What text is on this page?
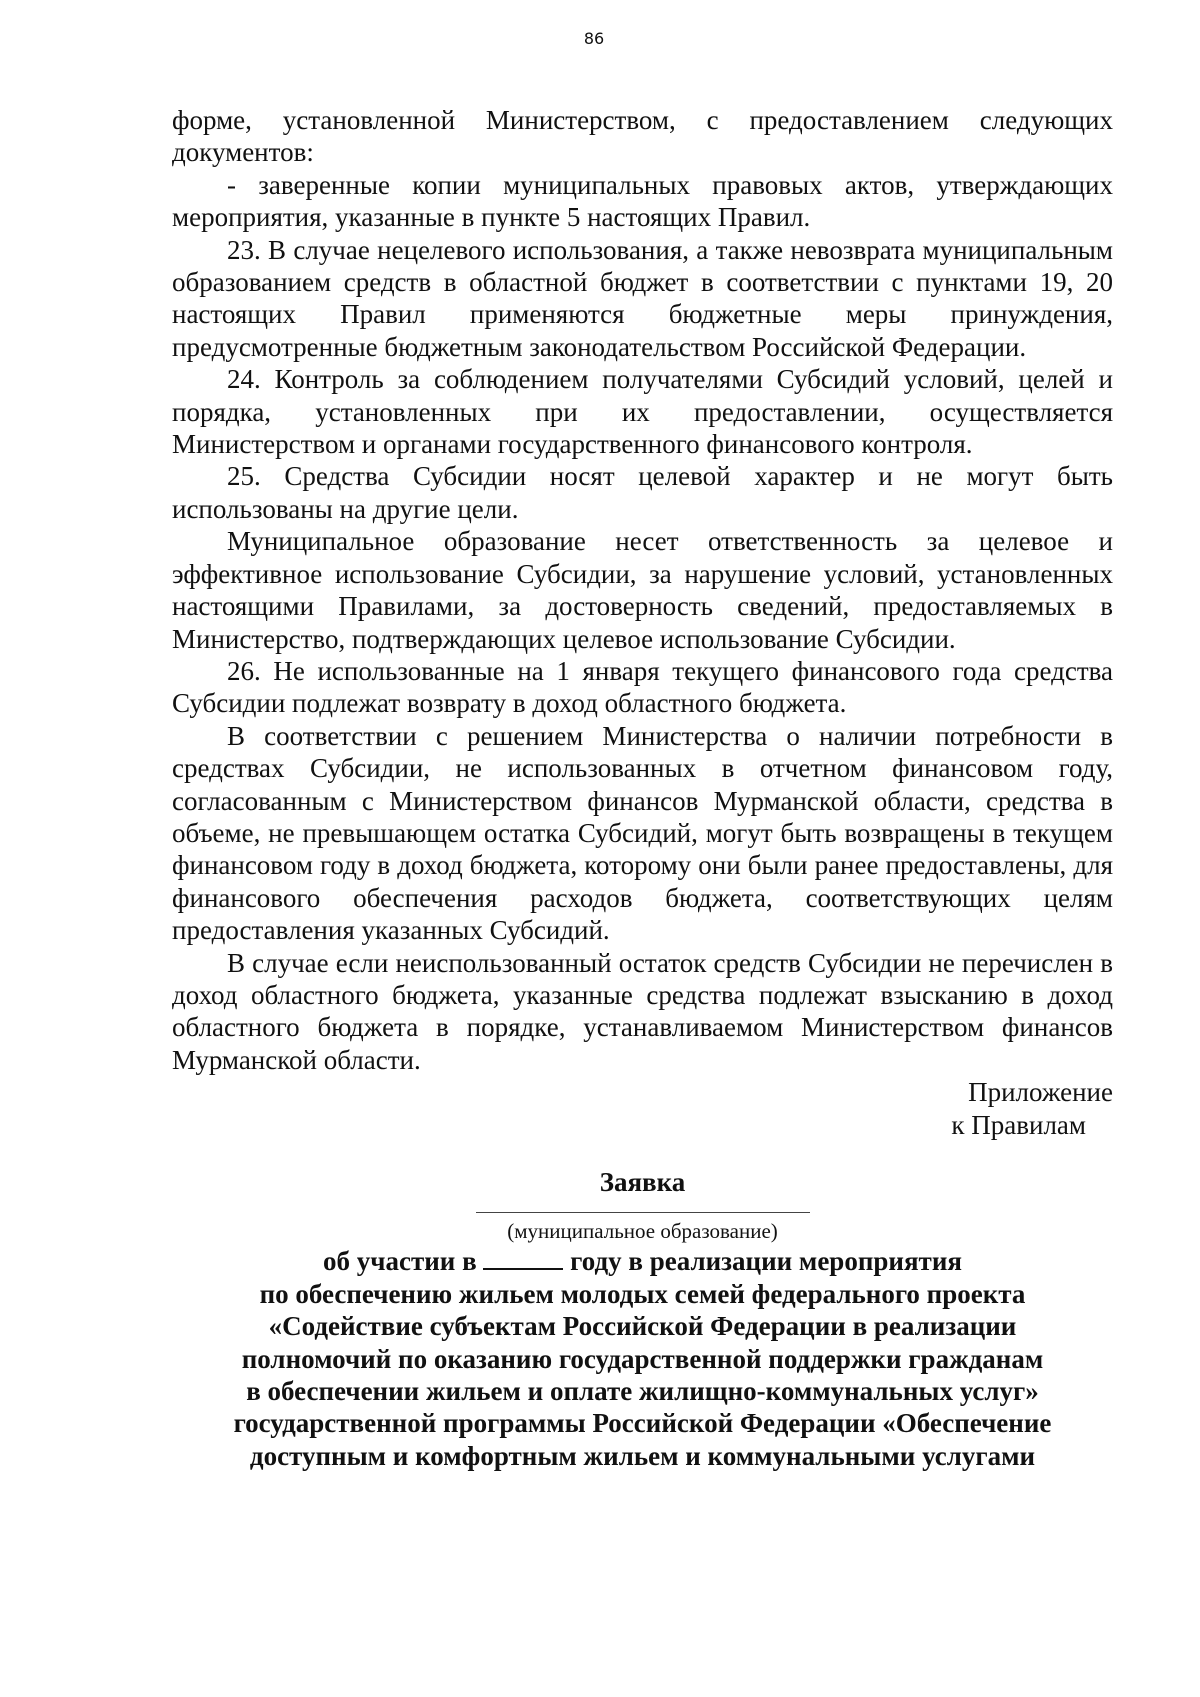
86

форме, установленной Министерством, с предоставлением следующих документов:

- заверенные копии муниципальных правовых актов, утверждающих мероприятия, указанные в пункте 5 настоящих Правил.

23. В случае нецелевого использования, а также невозврата муниципальным образованием средств в областной бюджет в соответствии с пунктами 19, 20 настоящих Правил применяются бюджетные меры принуждения, предусмотренные бюджетным законодательством Российской Федерации.

24. Контроль за соблюдением получателями Субсидий условий, целей и порядка, установленных при их предоставлении, осуществляется Министерством и органами государственного финансового контроля.

25. Средства Субсидии носят целевой характер и не могут быть использованы на другие цели.

Муниципальное образование несет ответственность за целевое и эффективное использование Субсидии, за нарушение условий, установленных настоящими Правилами, за достоверность сведений, предоставляемых в Министерство, подтверждающих целевое использование Субсидии.

26. Не использованные на 1 января текущего финансового года средства Субсидии подлежат возврату в доход областного бюджета.

В соответствии с решением Министерства о наличии потребности в средствах Субсидии, не использованных в отчетном финансовом году, согласованным с Министерством финансов Мурманской области, средства в объеме, не превышающем остатка Субсидий, могут быть возвращены в текущем финансовом году в доход бюджета, которому они были ранее предоставлены, для финансового обеспечения расходов бюджета, соответствующих целям предоставления указанных Субсидий.

В случае если неиспользованный остаток средств Субсидии не перечислен в доход областного бюджета, указанные средства подлежат взысканию в доход областного бюджета в порядке, устанавливаемом Министерством финансов Мурманской области.

Приложение
к Правилам
Заявка
(муниципальное образование)
об участии в	году в реализации мероприятия
по обеспечению жильем молодых семей федерального проекта
«Содействие субъектам Российской Федерации в реализации
полномочий по оказанию государственной поддержки гражданам
в обеспечении жильем и оплате жилищно-коммунальных услуг»
государственной программы Российской Федерации «Обеспечение
доступным и комфортным жильем и коммунальными услугами
